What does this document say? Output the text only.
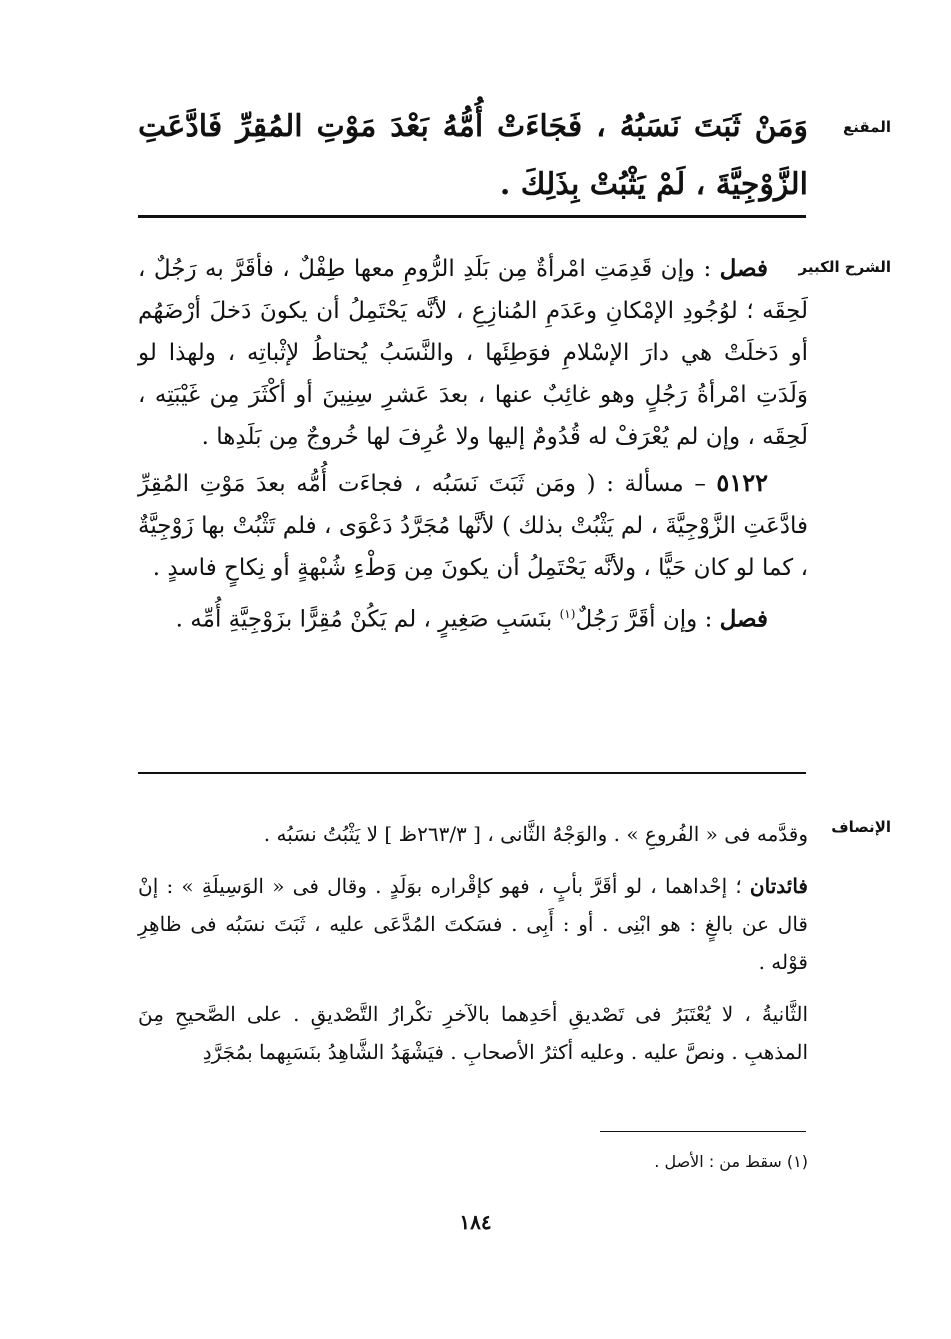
المقنع
وَمَنْ ثَبَتَ نَسَبُهُ ، فَجَاءَتْ أُمُّهُ بَعْدَ مَوْتِ المُقِرِّ فَادَّعَتِ الزَّوْجِيَّةَ ، لَمْ يَثْبُتْ بِذَلِكَ .
الشرح الكبير

فصل : وإن قَدِمَتِ امْرأةٌ مِن بَلَدِ الرُّومِ معها طِفْلٌ ، فأقَرَّ به رَجُلٌ ، لَحِقَه ؛ لوُجُودِ الإمْكانِ وعَدَمِ المُنازِعِ ، لأنَّه يَحْتَمِلُ أن يكونَ دَخلَ أرْضَهُم أو دَخلَتْ هي دارَ الإسْلامِ فوَطِئَها ، والنَّسَبُ يُحتاطُ لإثْباتِه ، ولهذا لو وَلَدَتِ امْرأةُ رَجُلٍ وهو غائِبٌ عنها ، بعدَ عَشرِ سِنِينَ أو أكْثَرَ مِن غَيْبَتِه ، لَحِقَه ، وإن لم يُعْرَفْ له قُدُومٌ إليها ولا عُرِفَ لها خُروجٌ مِن بَلَدِها .

٥١٢٢ – مسألة : ( ومَن ثَبَتَ نَسَبُه ، فجاءَت أُمُّه بعدَ مَوْتِ المُقِرِّ فادَّعَتِ الزَّوْجِيَّةَ ، لم يَثْبُتْ بذلك ) لأنَّها مُجَرَّدُ دَعْوَى ، فلم تَثْبُتْ بها زَوْجِيَّةٌ ، كما لو كان حَيًّا ، ولأنَّه يَحْتَمِلُ أن يكونَ مِن وَطْءِ شُبْهةٍ أو نِكاحٍ فاسدٍ .

فصل : وإن أقَرَّ رَجُلٌ$^{(١)}$ بنَسَبِ صَغِيرٍ ، لم يَكُنْ مُقِرًّا بزَوْجِيَّةِ أُمِّه .

الإنصاف

وقدَّمه فى « الفُروعِ » . والوَجْهُ الثَّانى ، [ ٢٦٣/٣ظ ] لا يَثْبُتُ نسَبُه .

فائدتان ؛ إحْداهما ، لو أقَرَّ بأبٍ ، فهو كإقْراره بوَلَدٍ . وقال فى « الوَسِيلَةِ » : إنْ قال عن بالغٍ : هو ابْنِى . أو : أَبِى . فسَكتَ المُدَّعَى عليه ، ثَبَتَ نسَبُه فى ظاهِرِ قوْله .

الثَّانيةُ ، لا يُعْتَبَرُ فى تَصْديقِ أحَدِهما بالآخرِ تكْرارُ التَّصْديقِ . على الصَّحيحِ مِنَ المذهبِ . ونصَّ عليه . وعليه أكثرُ الأصحابِ . فيَشْهَدُ الشَّاهِدُ بنَسَبِهما بمُجَرَّدِ

(١) سقط من : الأصل .
١٨٤
